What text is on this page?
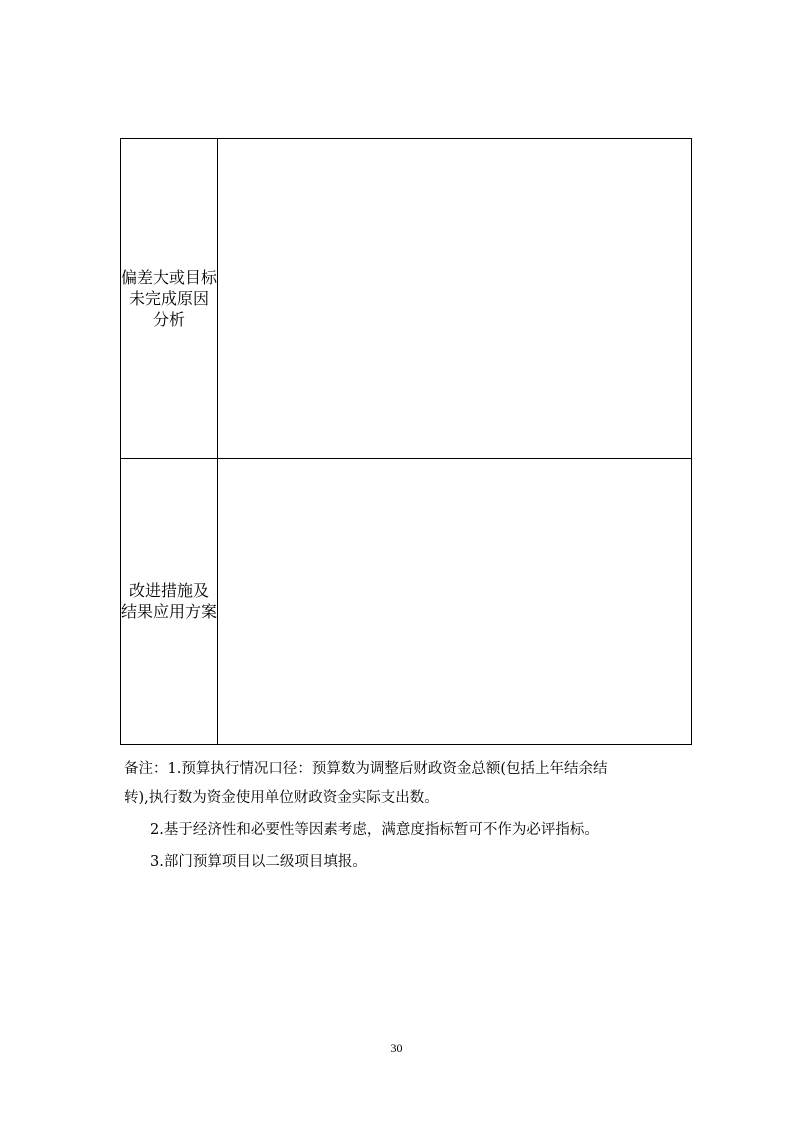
偏差大或目标
未完成原因
分析	

改进措施及
结果应用方案	

备注：1.预算执行情况口径：预算数为调整后财政资金总额(包括上年结余结
转),执行数为资金使用单位财政资金实际支出数。
2.基于经济性和必要性等因素考虑，满意度指标暂可不作为必评指标。
3.部门预算项目以二级项目填报。
30
